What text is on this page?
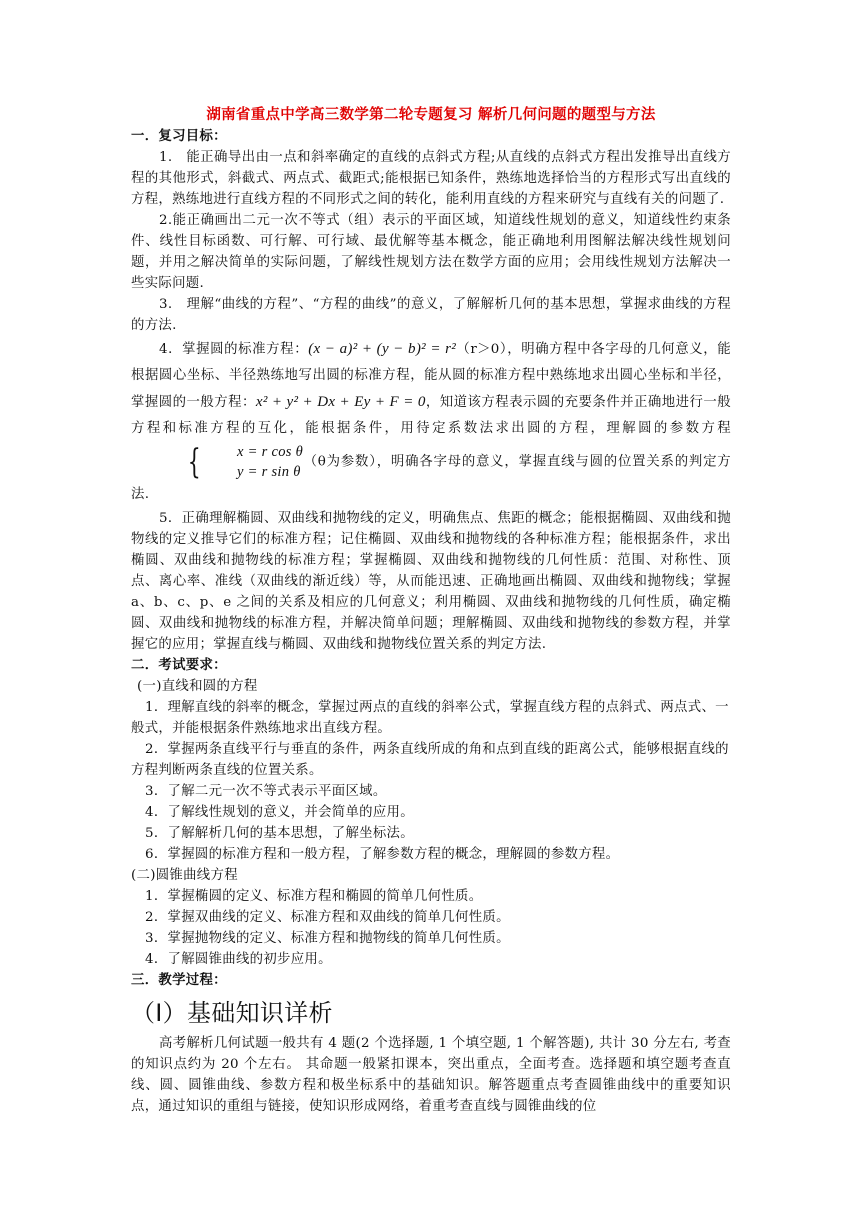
湖南省重点中学高三数学第二轮专题复习 解析几何问题的题型与方法

一．复习目标：

1.　能正确导出由一点和斜率确定的直线的点斜式方程;从直线的点斜式方程出发推导出直线方程的其他形式，斜截式、两点式、截距式;能根据已知条件，熟练地选择恰当的方程形式写出直线的方程，熟练地进行直线方程的不同形式之间的转化，能利用直线的方程来研究与直线有关的问题了.

2.能正确画出二元一次不等式（组）表示的平面区域，知道线性规划的意义，知道线性约束条件、线性目标函数、可行解、可行域、最优解等基本概念，能正确地利用图解法解决线性规划问题，并用之解决简单的实际问题，了解线性规划方法在数学方面的应用；会用线性规划方法解决一些实际问题.

3.　理解“曲线的方程”、“方程的曲线”的意义，了解解析几何的基本思想，掌握求曲线的方程的方法.

4．掌握圆的标准方程：(x − a)² + (y − b)² = r²（r＞0），明确方程中各字母的几何意义，能根据圆心坐标、半径熟练地写出圆的标准方程，能从圆的标准方程中熟练地求出圆心坐标和半径，掌握圆的一般方程：x² + y² + Dx + Ey + F = 0，知道该方程表示圆的充要条件并正确地进行一般方程和标准方程的互化，能根据条件，用待定系数法求出圆的方程，理解圆的参数方程{	x = r cos θ
y = r sin θ
（θ为参数），明确各字母的意义，掌握直线与圆的位置关系的判定方法.

5．正确理解椭圆、双曲线和抛物线的定义，明确焦点、焦距的概念；能根据椭圆、双曲线和抛物线的定义推导它们的标准方程；记住椭圆、双曲线和抛物线的各种标准方程；能根据条件，求出椭圆、双曲线和抛物线的标准方程；掌握椭圆、双曲线和抛物线的几何性质：范围、对称性、顶点、离心率、准线（双曲线的渐近线）等，从而能迅速、正确地画出椭圆、双曲线和抛物线；掌握 a、b、c、p、e 之间的关系及相应的几何意义；利用椭圆、双曲线和抛物线的几何性质，确定椭圆、双曲线和抛物线的标准方程，并解决简单问题；理解椭圆、双曲线和抛物线的参数方程，并掌握它的应用；掌握直线与椭圆、双曲线和抛物线位置关系的判定方法.

二．考试要求：

(一)直线和圆的方程

1．理解直线的斜率的概念，掌握过两点的直线的斜率公式，掌握直线方程的点斜式、两点式、一般式，并能根据条件熟练地求出直线方程。

2．掌握两条直线平行与垂直的条件，两条直线所成的角和点到直线的距离公式，能够根据直线的方程判断两条直线的位置关系。

3．了解二元一次不等式表示平面区域。

4．了解线性规划的意义，并会简单的应用。

5．了解解析几何的基本思想，了解坐标法。

6．掌握圆的标准方程和一般方程，了解参数方程的概念，理解圆的参数方程。

(二)圆锥曲线方程

1．掌握椭圆的定义、标准方程和椭圆的简单几何性质。

2．掌握双曲线的定义、标准方程和双曲线的简单几何性质。

3．掌握抛物线的定义、标准方程和抛物线的简单几何性质。

4．了解圆锥曲线的初步应用。

三．教学过程：

（Ⅰ）基础知识详析

高考解析几何试题一般共有 4 题(2 个选择题, 1 个填空题, 1 个解答题), 共计 30 分左右, 考查的知识点约为 20 个左右。 其命题一般紧扣课本，突出重点，全面考查。选择题和填空题考查直线、圆、圆锥曲线、参数方程和极坐标系中的基础知识。解答题重点考查圆锥曲线中的重要知识点，通过知识的重组与链接，使知识形成网络，着重考查直线与圆锥曲线的位
